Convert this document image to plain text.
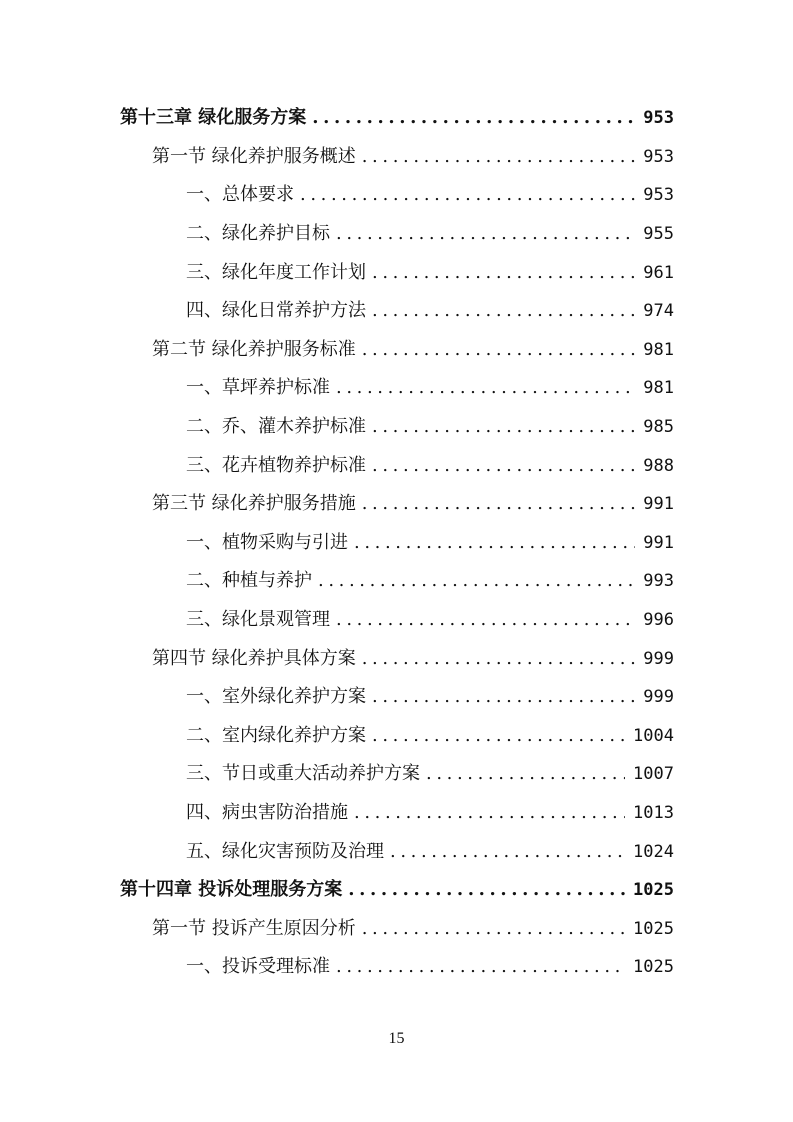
第十三章 绿化服务方案 .....	953
第一节 绿化养护服务概述 .....	953
一、总体要求 .....	953
二、绿化养护目标 .....	955
三、绿化年度工作计划 .....	961
四、绿化日常养护方法 .....	974
第二节 绿化养护服务标准 .....	981
一、草坪养护标准 .....	981
二、乔、灌木养护标准 .....	985
三、花卉植物养护标准 .....	988
第三节 绿化养护服务措施 .....	991
一、植物采购与引进 .....	991
二、种植与养护 .....	993
三、绿化景观管理 .....	996
第四节 绿化养护具体方案 .....	999
一、室外绿化养护方案 .....	999
二、室内绿化养护方案 .....	1004
三、节日或重大活动养护方案 .....	1007
四、病虫害防治措施 .....	1013
五、绿化灾害预防及治理 .....	1024
第十四章 投诉处理服务方案 .....	1025
第一节 投诉产生原因分析 .....	1025
一、投诉受理标准 .....	1025
15
